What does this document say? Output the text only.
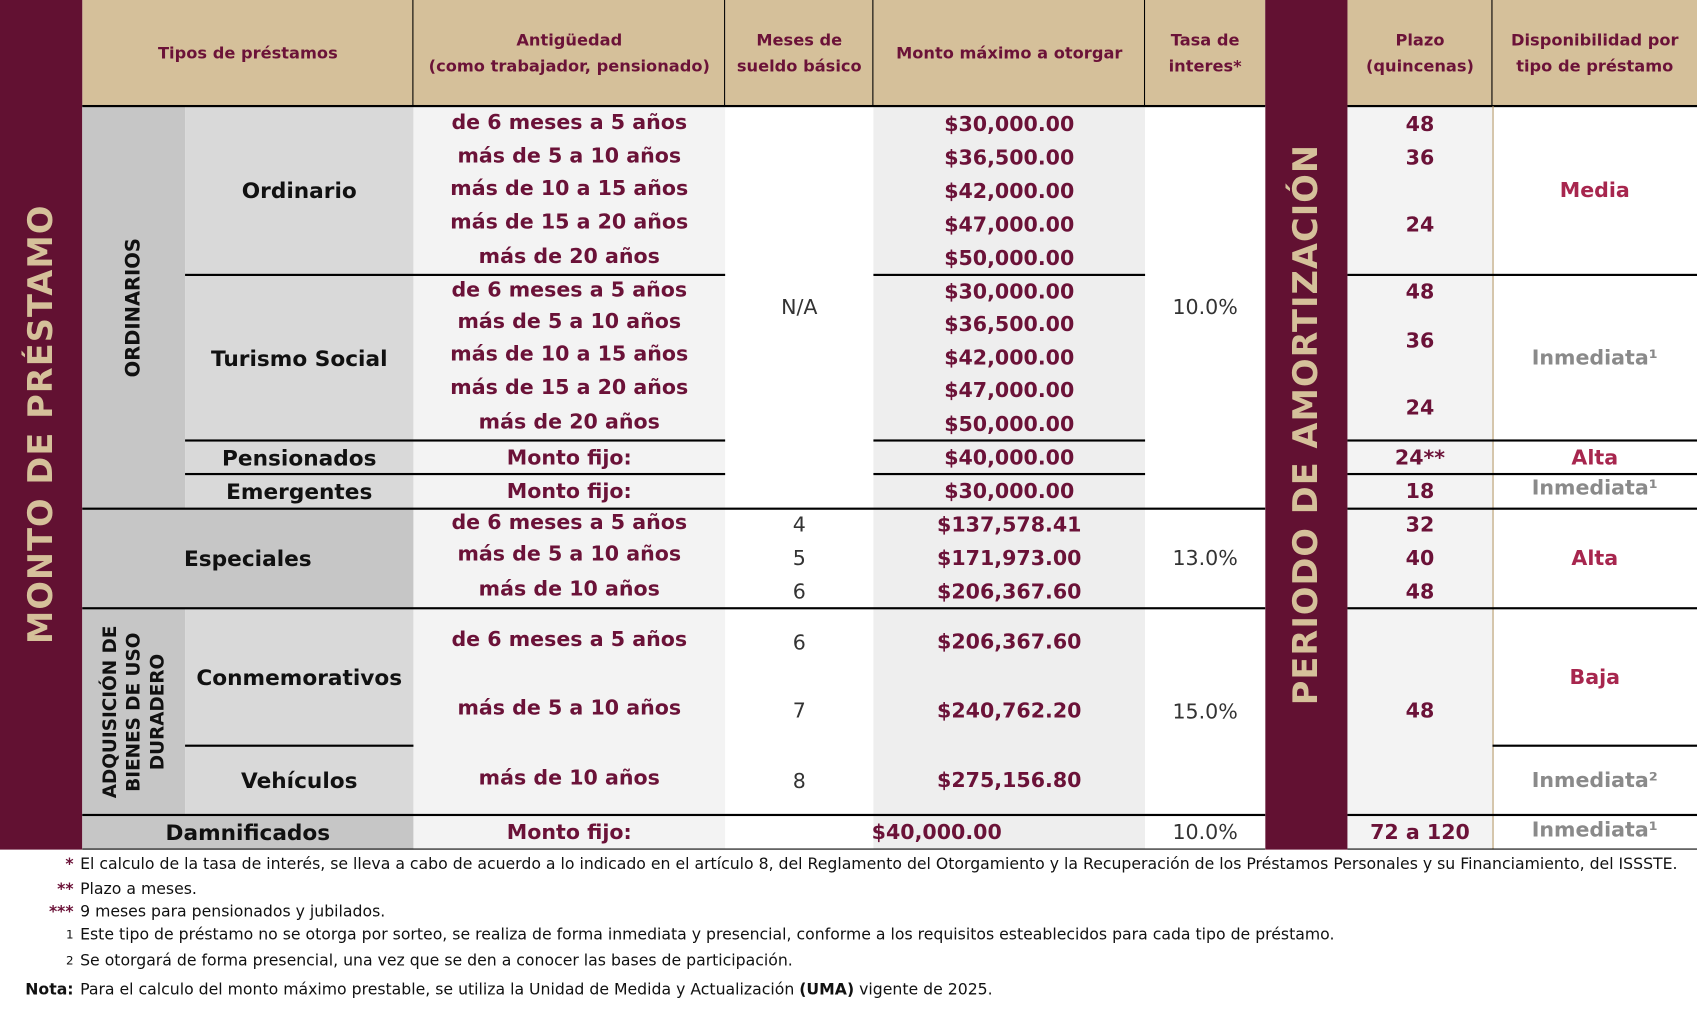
Tipos de préstamos
Antigüedad
(como trabajador, pensionado)
Meses de
sueldo básico
Monto máximo a otorgar
Tasa de
interes*
Plazo
(quincenas)
Disponibilidad por
tipo de préstamo
MONTO DE PRÉSTAMO	PERIODO DE AMORTIZACIÓN
ORDINARIOS
Ordinario
Turismo Social
Pensionados
Emergentes
Especiales
ADQUISICIÓN DE BIENES DE USO DURADERO Conmemorativos
Vehículos
Damnificados
de 6 meses a 5 años
más de 5 a 10 años
más de 10 a 15 años
más de 15 a 20 años
más de 20 años
de 6 meses a 5 años
más de 5 a 10 años
más de 10 a 15 años
más de 15 a 20 años
más de 20 años
Monto fijo:
Monto fijo:
de 6 meses a 5 años
más de 5 a 10 años
más de 10 años
de 6 meses a 5 años
más de 5 a 10 años
más de 10 años
Monto fijo:
N/A
4
5
6
6
7
8
$30,000.00
$36,500.00
$42,000.00
$47,000.00
$50,000.00
$30,000.00
$36,500.00
$42,000.00
$47,000.00
$50,000.00
$40,000.00
$30,000.00
$137,578.41
$171,973.00
$206,367.60
$206,367.60
$240,762.20
$275,156.80
$40,000.00
10.0%
13.0%
15.0%
10.0%
48
36
24
48
36
24
24**
18
32
40
48
48
72 a 120
Media
Inmediata¹
Alta
Inmediata¹
Alta
Baja
Inmediata²
Inmediata¹
* El calculo de la tasa de interés, se lleva a cabo de acuerdo a lo indicado en el artículo 8, del Reglamento del Otorgamiento y la Recuperación de los Préstamos Personales y su Financiamiento, del ISSSTE.
** Plazo a meses.
*** 9 meses para pensionados y jubilados.
1 Este tipo de préstamo no se otorga por sorteo, se realiza de forma inmediata y presencial, conforme a los requisitos esteablecidos para cada tipo de préstamo.
2 Se otorgará de forma presencial, una vez que se den a conocer las bases de participación.
Nota: Para el calculo del monto máximo prestable, se utiliza la Unidad de Medida y Actualización (UMA) vigente de 2025.
